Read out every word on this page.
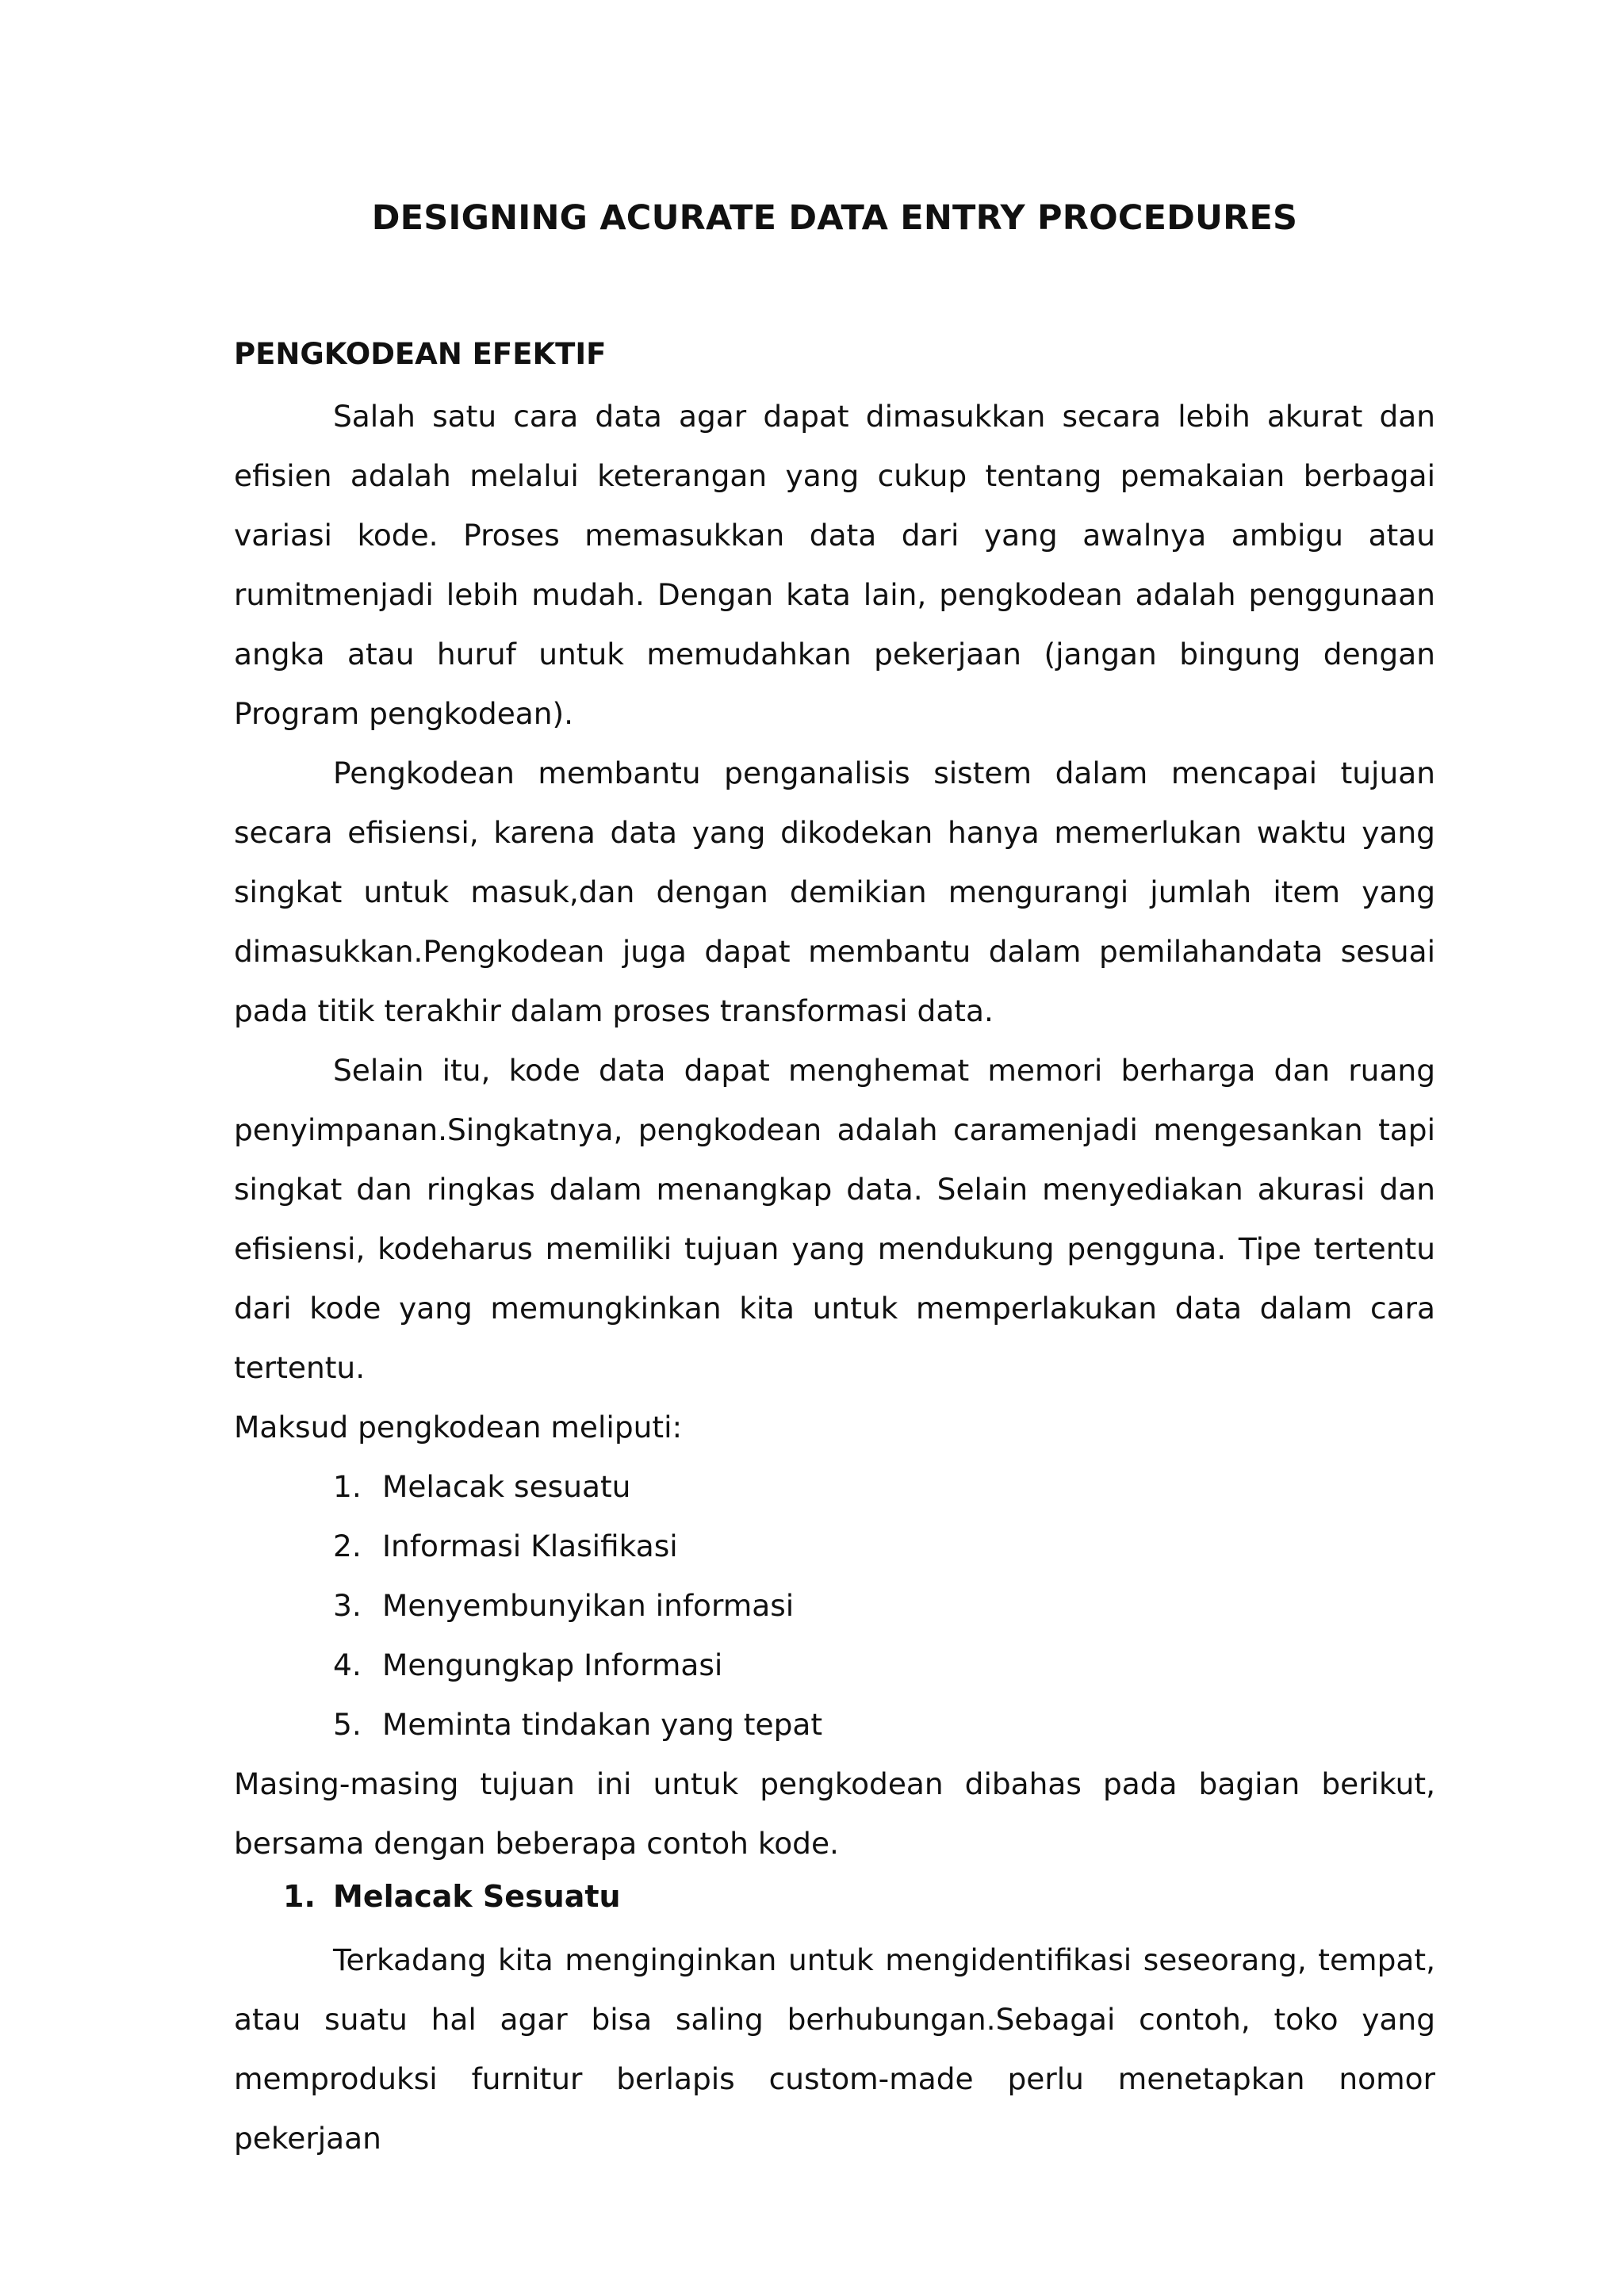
DESIGNING ACURATE DATA ENTRY PROCEDURES
PENGKODEAN EFEKTIF

Salah satu cara data agar dapat dimasukkan secara lebih akurat dan efisien adalah melalui keterangan yang cukup tentang pemakaian berbagai variasi kode. Proses memasukkan data dari yang awalnya ambigu atau rumitmenjadi lebih mudah. Dengan kata lain, pengkodean adalah penggunaan angka atau huruf untuk memudahkan pekerjaan (jangan bingung dengan Program pengkodean).

Pengkodean membantu penganalisis sistem dalam mencapai tujuan secara efisiensi, karena data yang dikodekan hanya memerlukan waktu yang singkat untuk masuk,dan dengan demikian mengurangi jumlah item yang dimasukkan.Pengkodean juga dapat membantu dalam pemilahandata sesuai pada titik terakhir dalam proses transformasi data.

Selain itu, kode data dapat menghemat memori berharga dan ruang penyimpanan.Singkatnya, pengkodean adalah caramenjadi mengesankan tapi singkat dan ringkas dalam menangkap data. Selain menyediakan akurasi dan efisiensi, kodeharus memiliki tujuan yang mendukung pengguna. Tipe tertentu dari kode yang memungkinkan kita untuk memperlakukan data dalam cara tertentu.

Maksud pengkodean meliputi:

1. Melacak sesuatu
2. Informasi Klasifikasi
3. Menyembunyikan informasi
4. Mengungkap Informasi
5. Meminta tindakan yang tepat

Masing-masing tujuan ini untuk pengkodean dibahas pada bagian berikut, bersama dengan beberapa contoh kode.

1. Melacak Sesuatu

Terkadang kita menginginkan untuk mengidentifikasi seseorang, tempat, atau suatu hal agar bisa saling berhubungan.Sebagai contoh, toko yang memproduksi furnitur berlapis custom-made perlu menetapkan nomor pekerjaan
